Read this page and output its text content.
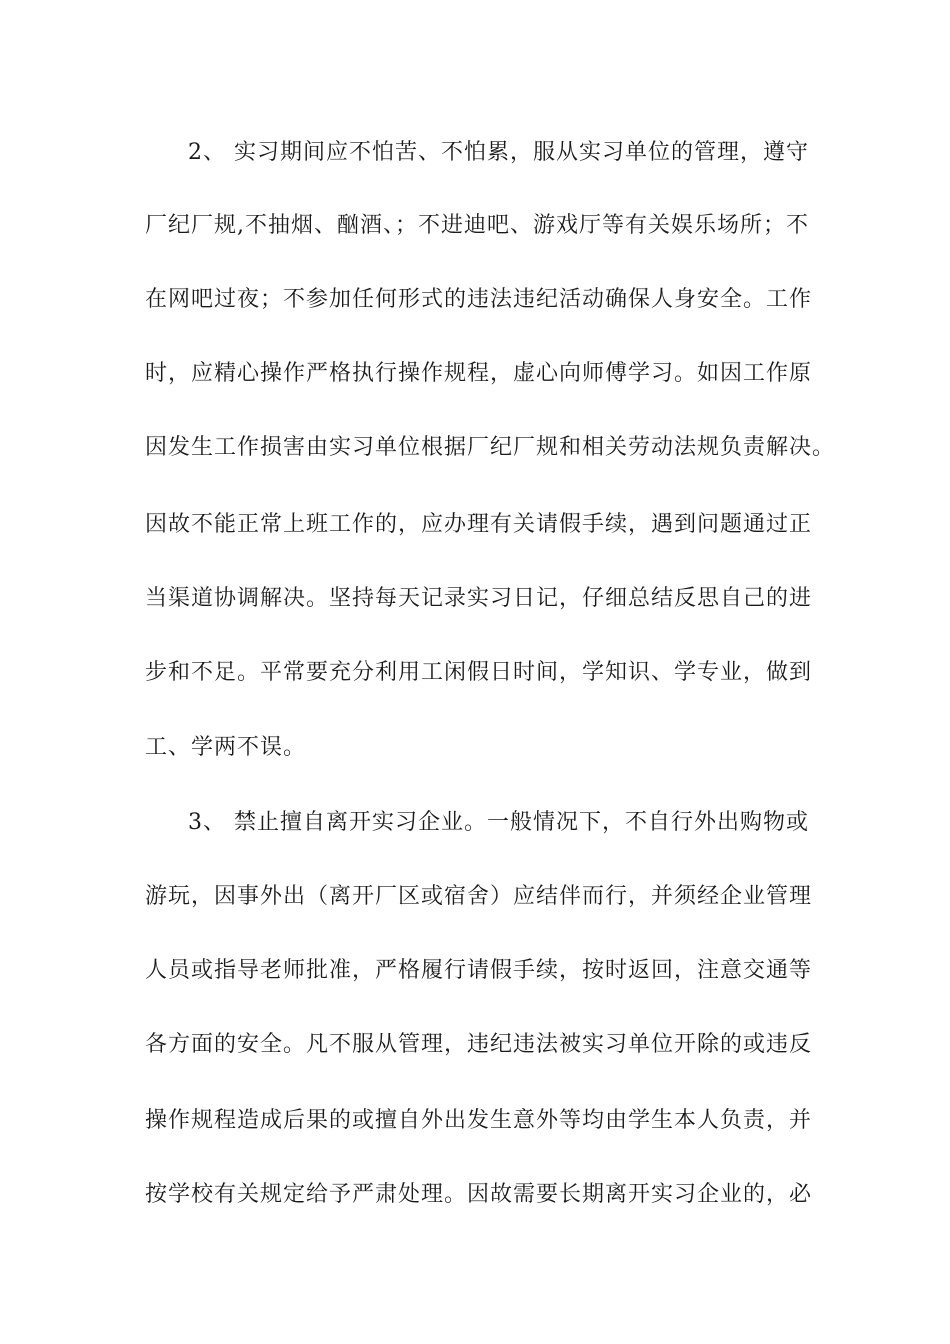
2、 实习期间应不怕苦、不怕累，服从实习单位的管理，遵守
厂纪厂规,不抽烟、酗酒、；不进迪吧、游戏厅等有关娱乐场所；不
在网吧过夜；不参加任何形式的违法违纪活动确保人身安全。工作
时，应精心操作严格执行操作规程，虚心向师傅学习。如因工作原
因发生工作损害由实习单位根据厂纪厂规和相关劳动法规负责解决。
因故不能正常上班工作的，应办理有关请假手续，遇到问题通过正
当渠道协调解决。坚持每天记录实习日记，仔细总结反思自己的进
步和不足。平常要充分利用工闲假日时间，学知识、学专业，做到
工、学两不误。
3、 禁止擅自离开实习企业。一般情况下，不自行外出购物或
游玩，因事外出（离开厂区或宿舍）应结伴而行，并须经企业管理
人员或指导老师批准，严格履行请假手续，按时返回，注意交通等
各方面的安全。凡不服从管理，违纪违法被实习单位开除的或违反
操作规程造成后果的或擅自外出发生意外等均由学生本人负责，并
按学校有关规定给予严肃处理。因故需要长期离开实习企业的，必
